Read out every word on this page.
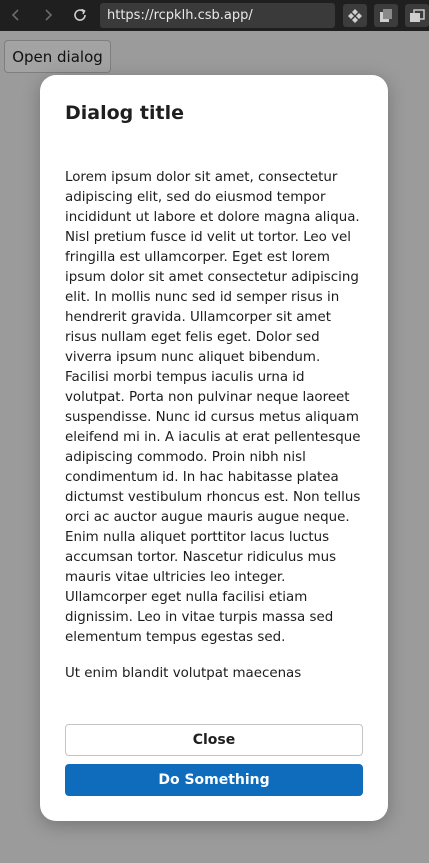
https://rcpklh.csb.app/
Open dialog
Dialog title

Lorem ipsum dolor sit amet, consectetur adipiscing elit, sed do eiusmod tempor incididunt ut labore et dolore magna aliqua. Nisl pretium fusce id velit ut tortor. Leo vel fringilla est ullamcorper. Eget est lorem ipsum dolor sit amet consectetur adipiscing elit. In mollis nunc sed id semper risus in hendrerit gravida. Ullamcorper sit amet risus nullam eget felis eget. Dolor sed viverra ipsum nunc aliquet bibendum. Facilisi morbi tempus iaculis urna id volutpat. Porta non pulvinar neque laoreet suspendisse. Nunc id cursus metus aliquam eleifend mi in. A iaculis at erat pellentesque adipiscing commodo. Proin nibh nisl condimentum id. In hac habitasse platea dictumst vestibulum rhoncus est. Non tellus orci ac auctor augue mauris augue neque. Enim nulla aliquet porttitor lacus luctus accumsan tortor. Nascetur ridiculus mus mauris vitae ultricies leo integer. Ullamcorper eget nulla facilisi etiam dignissim. Leo in vitae turpis massa sed elementum tempus egestas sed.

Ut enim blandit volutpat maecenas

Close
Do Something
